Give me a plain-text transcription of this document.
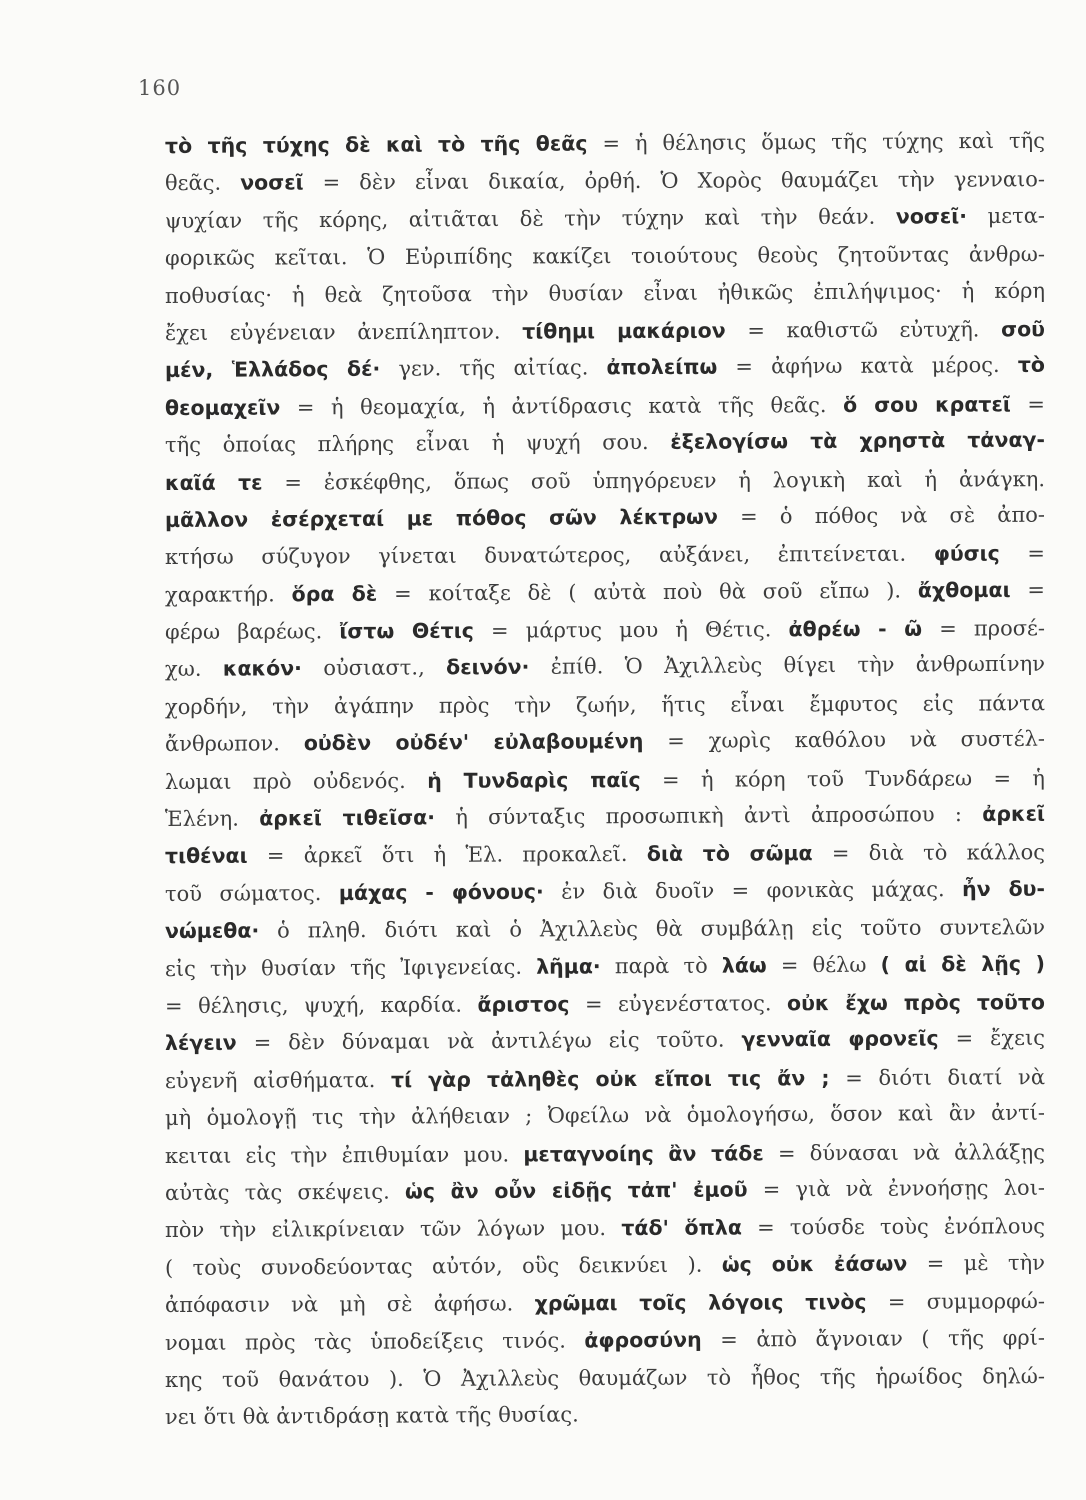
160
τὸ τῆς τύχης δὲ καὶ τὸ τῆς θεᾶς = ἡ θέλησις ὅμως τῆς τύχης καὶ τῆς
θεᾶς. νοσεῖ = δὲν εἶναι δικαία, ὀρθή. Ὁ Χορὸς θαυμάζει τὴν γενναιο-
ψυχίαν τῆς κόρης, αἰτιᾶται δὲ τὴν τύχην καὶ τὴν θεάν. νοσεῖ· μετα-
φορικῶς κεῖται. Ὁ Εὐριπίδης κακίζει τοιούτους θεοὺς ζητοῦντας ἀνθρω-
ποθυσίας· ἡ θεὰ ζητοῦσα τὴν θυσίαν εἶναι ἠθικῶς ἐπιλήψιμος· ἡ κόρη
ἔχει εὐγένειαν ἀνεπίληπτον. τίθημι μακάριον = καθιστῶ εὐτυχῆ. σοῦ
μέν, Ἑλλάδος δέ· γεν. τῆς αἰτίας. ἀπολείπω = ἀφήνω κατὰ μέρος. τὸ
θεομαχεῖν = ἡ θεομαχία, ἡ ἀντίδρασις κατὰ τῆς θεᾶς. ὅ σου κρατεῖ =
τῆς ὁποίας πλήρης εἶναι ἡ ψυχή σου. ἐξελογίσω τὰ χρηστὰ τἀναγ-
καῖά τε = ἐσκέφθης, ὅπως σοῦ ὑπηγόρευεν ἡ λογικὴ καὶ ἡ ἀνάγκη.
μᾶλλον ἐσέρχεταί με πόθος σῶν λέκτρων = ὁ πόθος νὰ σὲ ἀπο-
κτήσω σύζυγον γίνεται δυνατώτερος, αὐξάνει, ἐπιτείνεται. φύσις =
χαρακτήρ. ὅρα δὲ = κοίταξε δὲ ( αὐτὰ ποὺ θὰ σοῦ εἴπω ). ἄχθομαι =
φέρω βαρέως. ἴστω Θέτις = μάρτυς μου ἡ Θέτις. ἀθρέω - ῶ = προσέ-
χω. κακόν· οὐσιαστ., δεινόν· ἐπίθ. Ὁ Ἀχιλλεὺς θίγει τὴν ἀνθρωπίνην
χορδήν, τὴν ἀγάπην πρὸς τὴν ζωήν, ἥτις εἶναι ἔμφυτος εἰς πάντα
ἄνθρωπον. οὐδὲν οὐδέν' εὐλαβουμένη = χωρὶς καθόλου νὰ συστέλ-
λωμαι πρὸ οὐδενός. ἡ Τυνδαρὶς παῖς = ἡ κόρη τοῦ Τυνδάρεω = ἡ
Ἑλένη. ἀρκεῖ τιθεῖσα· ἡ σύνταξις προσωπικὴ ἀντὶ ἀπροσώπου : ἀρκεῖ
τιθέναι = ἀρκεῖ ὅτι ἡ Ἑλ. προκαλεῖ. διὰ τὸ σῶμα = διὰ τὸ κάλλος
τοῦ σώματος. μάχας - φόνους· ἐν διὰ δυοῖν = φονικὰς μάχας. ἦν δυ-
νώμεθα· ὁ πληθ. διότι καὶ ὁ Ἀχιλλεὺς θὰ συμβάλῃ εἰς τοῦτο συντελῶν
εἰς τὴν θυσίαν τῆς Ἰφιγενείας. λῆμα· παρὰ τὸ λάω = θέλω ( αἰ δὲ λῇς )
= θέλησις, ψυχή, καρδία. ἄριστος = εὐγενέστατος. οὐκ ἔχω πρὸς τοῦτο
λέγειν = δὲν δύναμαι νὰ ἀντιλέγω εἰς τοῦτο. γενναῖα φρονεῖς = ἔχεις
εὐγενῆ αἰσθήματα. τί γὰρ τἀληθὲς οὐκ εἴποι τις ἄν ; = διότι διατί νὰ
μὴ ὁμολογῇ τις τὴν ἀλήθειαν ; Ὀφείλω νὰ ὁμολογήσω, ὅσον καὶ ἂν ἀντί-
κειται εἰς τὴν ἐπιθυμίαν μου. μεταγνοίης ἂν τάδε = δύνασαι νὰ ἀλλάξῃς
αὐτὰς τὰς σκέψεις. ὡς ἂν οὖν εἰδῇς τἀπ' ἐμοῦ = γιὰ νὰ ἐννοήσῃς λοι-
πὸν τὴν εἰλικρίνειαν τῶν λόγων μου. τάδ' ὅπλα = τούσδε τοὺς ἐνόπλους
( τοὺς συνοδεύοντας αὐτόν, οὓς δεικνύει ). ὡς οὐκ ἐάσων = μὲ τὴν
ἀπόφασιν νὰ μὴ σὲ ἀφήσω. χρῶμαι τοῖς λόγοις τινὸς = συμμορφώ-
νομαι πρὸς τὰς ὑποδείξεις τινός. ἀφροσύνη = ἀπὸ ἄγνοιαν ( τῆς φρί-
κης τοῦ θανάτου ). Ὁ Ἀχιλλεὺς θαυμάζων τὸ ἦθος τῆς ἡρωίδος δηλώ-
νει ὅτι θὰ ἀντιδράσῃ κατὰ τῆς θυσίας.
